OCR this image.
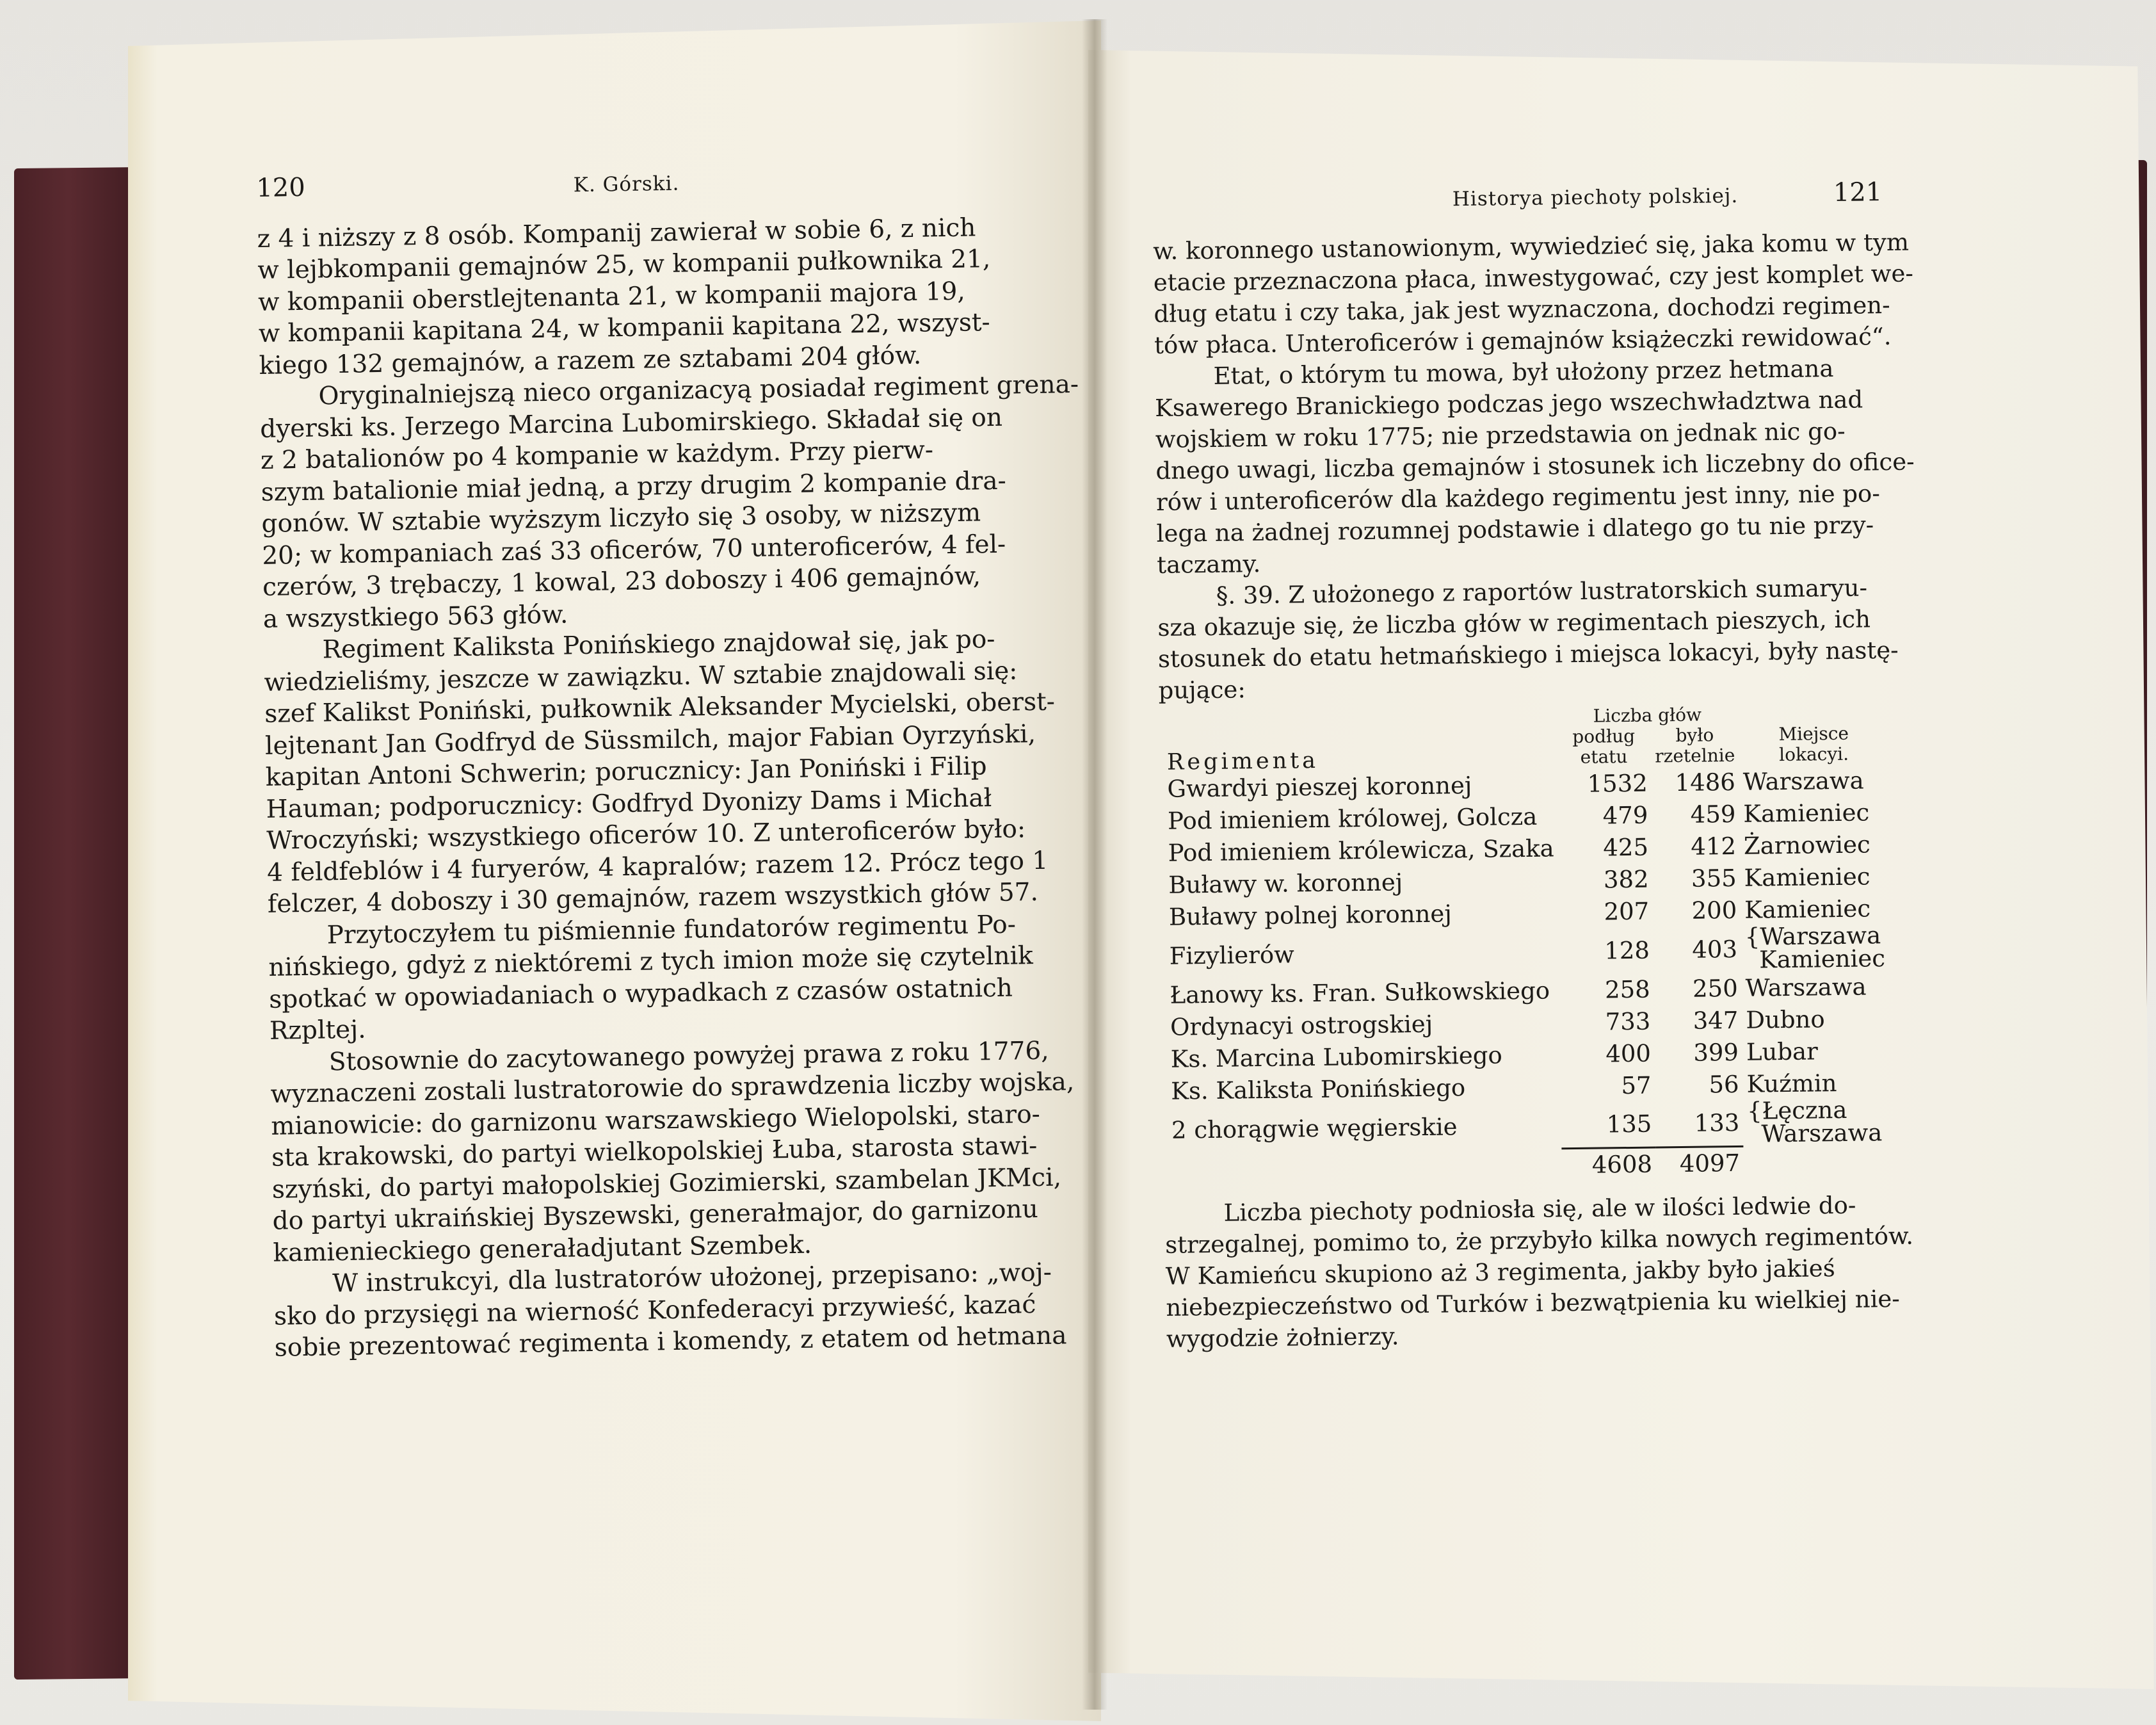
120	K. Górski.
z 4 i niższy z 8 osób. Kompanij zawierał w sobie 6, z nich
w lejbkompanii gemajnów 25, w kompanii pułkownika 21,
w kompanii oberstlejtenanta 21, w kompanii majora 19,
w kompanii kapitana 24, w kompanii kapitana 22, wszyst-
kiego 132 gemajnów, a razem ze sztabami 204 głów.
Oryginalniejszą nieco organizacyą posiadał regiment grena-
dyerski ks. Jerzego Marcina Lubomirskiego. Składał się on
z 2 batalionów po 4 kompanie w każdym. Przy pierw-
szym batalionie miał jedną, a przy drugim 2 kompanie dra-
gonów. W sztabie wyższym liczyło się 3 osoby, w niższym
20; w kompaniach zaś 33 oficerów, 70 unteroficerów, 4 fel-
czerów, 3 trębaczy, 1 kowal, 23 doboszy i 406 gemajnów,
a wszystkiego 563 głów.
Regiment Kaliksta Ponińskiego znajdował się, jak po-
wiedzieliśmy, jeszcze w zawiązku. W sztabie znajdowali się:
szef Kalikst Poniński, pułkownik Aleksander Mycielski, oberst-
lejtenant Jan Godfryd de Süssmilch, major Fabian Oyrzyński,
kapitan Antoni Schwerin; porucznicy: Jan Poniński i Filip
Hauman; podporucznicy: Godfryd Dyonizy Dams i Michał
Wroczyński; wszystkiego oficerów 10. Z unteroficerów było:
4 feldfeblów i 4 furyerów, 4 kapralów; razem 12. Prócz tego 1
felczer, 4 doboszy i 30 gemajnów, razem wszystkich głów 57.
Przytoczyłem tu piśmiennie fundatorów regimentu Po-
nińskiego, gdyż z niektóremi z tych imion może się czytelnik
spotkać w opowiadaniach o wypadkach z czasów ostatnich
Rzpltej.
Stosownie do zacytowanego powyżej prawa z roku 1776,
wyznaczeni zostali lustratorowie do sprawdzenia liczby wojska,
mianowicie: do garnizonu warszawskiego Wielopolski, staro-
sta krakowski, do partyi wielkopolskiej Łuba, starosta stawi-
szyński, do partyi małopolskiej Gozimierski, szambelan JKMci,
do partyi ukraińskiej Byszewski, generałmajor, do garnizonu
kamienieckiego generaładjutant Szembek.
W instrukcyi, dla lustratorów ułożonej, przepisano: „woj-
sko do przysięgi na wierność Konfederacyi przywieść, kazać
sobie prezentować regimenta i komendy, z etatem od hetmana
Historya piechoty polskiej.	121
w. koronnego ustanowionym, wywiedzieć się, jaka komu w tym
etacie przeznaczona płaca, inwestygować, czy jest komplet we-
dług etatu i czy taka, jak jest wyznaczona, dochodzi regimen-
tów płaca. Unteroficerów i gemajnów książeczki rewidować“.
Etat, o którym tu mowa, był ułożony przez hetmana
Ksawerego Branickiego podczas jego wszechwładztwa nad
wojskiem w roku 1775; nie przedstawia on jednak nic go-
dnego uwagi, liczba gemajnów i stosunek ich liczebny do ofice-
rów i unteroficerów dla każdego regimentu jest inny, nie po-
lega na żadnej rozumnej podstawie i dlatego go tu nie przy-
taczamy.
§. 39. Z ułożonego z raportów lustratorskich sumaryu-
sza okazuje się, że liczba głów w regimentach pieszych, ich
stosunek do etatu hetmańskiego i miejsca lokacyi, były nastę-
pujące:
Regimenta	Liczba głów		Miejsce lokacyi.
	podług etatu	było rzetelnie	
Gwardyi pieszej koronnej	1532	1486	Warszawa
Pod imieniem królowej, Golcza	479	459	Kamieniec
Pod imieniem królewicza, Szaka	425	412	Żarnowiec
Buławy w. koronnej	382	355	Kamieniec
Buławy polnej koronnej	207	200	Kamieniec
Fizylierów	128	403	{Warszawa
Kamieniec
Łanowy ks. Fran. Sułkowskiego	258	250	Warszawa
Ordynacyi ostrogskiej	733	347	Dubno
Ks. Marcina Lubomirskiego	400	399	Lubar
Ks. Kaliksta Ponińskiego	57	56	Kuźmin
2 chorągwie węgierskie	135	133	{Łęczna
Warszawa
	4608	4097	
Liczba piechoty podniosła się, ale w ilości ledwie do-
strzegalnej, pomimo to, że przybyło kilka nowych regimentów.
W Kamieńcu skupiono aż 3 regimenta, jakby było jakieś
niebezpieczeństwo od Turków i bezwątpienia ku wielkiej nie-
wygodzie żołnierzy.
